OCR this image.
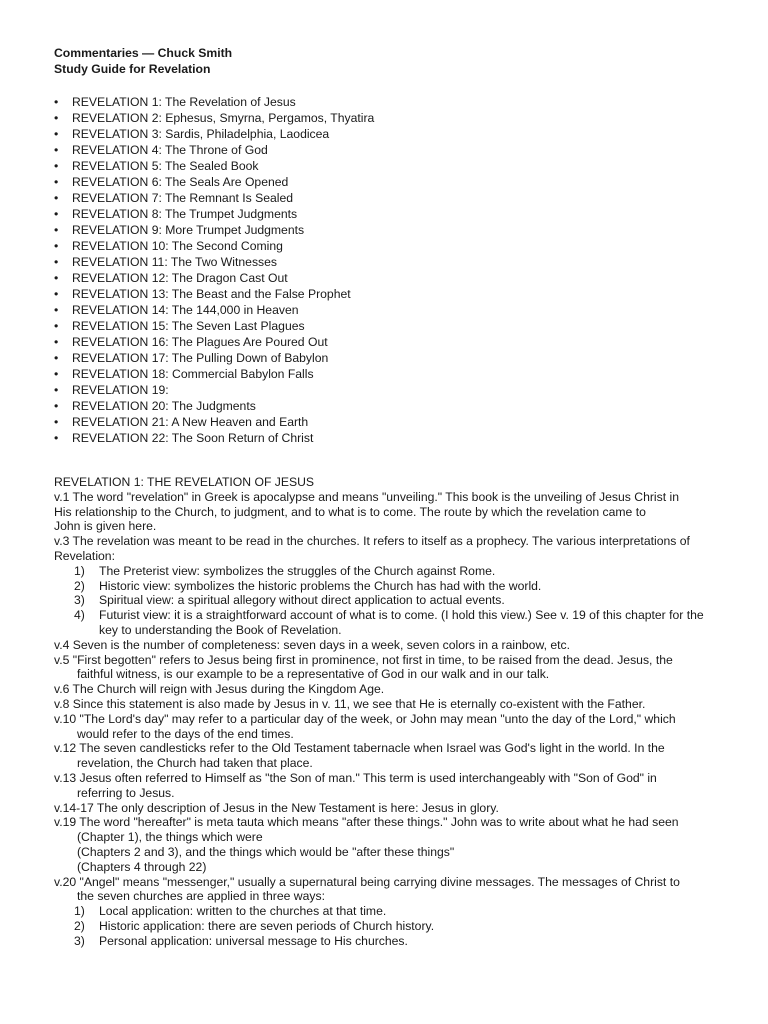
Commentaries — Chuck Smith
Study Guide for Revelation
• REVELATION 1: The Revelation of Jesus
• REVELATION 2: Ephesus, Smyrna, Pergamos, Thyatira
• REVELATION 3: Sardis, Philadelphia, Laodicea
• REVELATION 4: The Throne of God
• REVELATION 5: The Sealed Book
• REVELATION 6: The Seals Are Opened
• REVELATION 7: The Remnant Is Sealed
• REVELATION 8: The Trumpet Judgments
• REVELATION 9: More Trumpet Judgments
• REVELATION 10: The Second Coming
• REVELATION 11: The Two Witnesses
• REVELATION 12: The Dragon Cast Out
• REVELATION 13: The Beast and the False Prophet
• REVELATION 14: The 144,000 in Heaven
• REVELATION 15: The Seven Last Plagues
• REVELATION 16: The Plagues Are Poured Out
• REVELATION 17: The Pulling Down of Babylon
• REVELATION 18: Commercial Babylon Falls
• REVELATION 19:
• REVELATION 20: The Judgments
• REVELATION 21: A New Heaven and Earth
• REVELATION 22: The Soon Return of Christ

REVELATION 1: THE REVELATION OF JESUS

v.1 The word "revelation" in Greek is apocalypse and means "unveiling." This book is the unveiling of Jesus Christ in

His relationship to the Church, to judgment, and to what is to come. The route by which the revelation came to

John is given here.

v.3 The revelation was meant to be read in the churches. It refers to itself as a prophecy. The various interpretations of

Revelation:

1)	The Preterist view: symbolizes the struggles of the Church against Rome.
2)	Historic view: symbolizes the historic problems the Church has had with the world.
3)	Spiritual view: a spiritual allegory without direct application to actual events.
4)	Futurist view: it is a straightforward account of what is to come. (I hold this view.) See v. 19 of this chapter for the key to understanding the Book of Revelation.

v.4 Seven is the number of completeness: seven days in a week, seven colors in a rainbow, etc.

v.5 "First begotten" refers to Jesus being first in prominence, not first in time, to be raised from the dead. Jesus, the

faithful witness, is our example to be a representative of God in our walk and in our talk.

v.6 The Church will reign with Jesus during the Kingdom Age.

v.8 Since this statement is also made by Jesus in v. 11, we see that He is eternally co-existent with the Father.

v.10 "The Lord's day" may refer to a particular day of the week, or John may mean "unto the day of the Lord," which

would refer to the days of the end times.

v.12 The seven candlesticks refer to the Old Testament tabernacle when Israel was God's light in the world. In the

revelation, the Church had taken that place.

v.13 Jesus often referred to Himself as "the Son of man." This term is used interchangeably with "Son of God" in

referring to Jesus.

v.14-17 The only description of Jesus in the New Testament is here: Jesus in glory.

v.19 The word "hereafter" is meta tauta which means "after these things." John was to write about what he had seen

(Chapter 1), the things which were

(Chapters 2 and 3), and the things which would be "after these things"

(Chapters 4 through 22)

v.20 "Angel" means "messenger," usually a supernatural being carrying divine messages. The messages of Christ to

the seven churches are applied in three ways:

1)	Local application: written to the churches at that time.
2)	Historic application: there are seven periods of Church history.
3)	Personal application: universal message to His churches.
